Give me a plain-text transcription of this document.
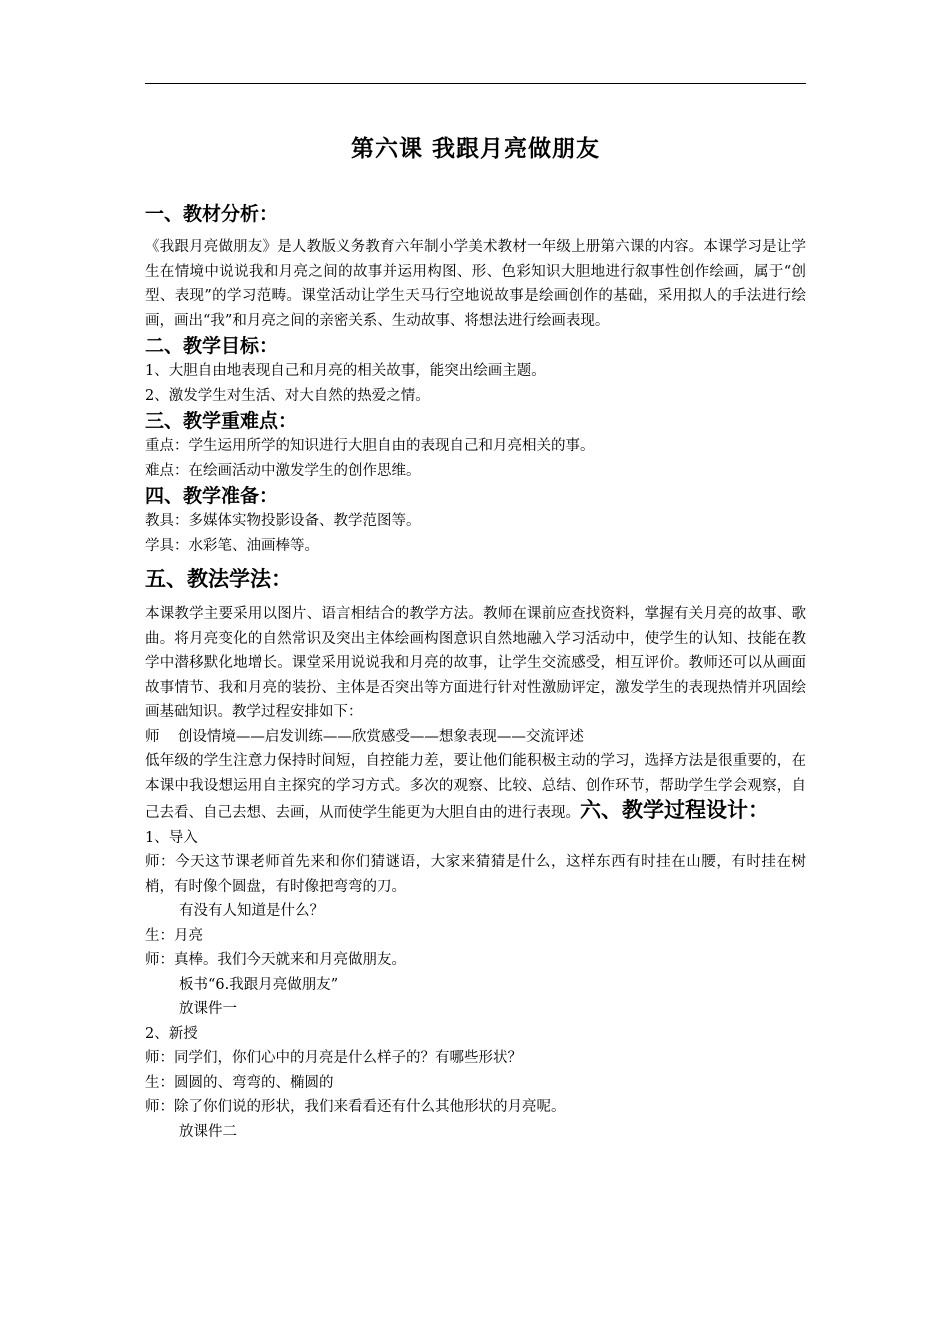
第六课 我跟月亮做朋友
一、教材分析：

《我跟月亮做朋友》是人教版义务教育六年制小学美术教材一年级上册第六课的内容。本课学习是让学生在情境中说说我和月亮之间的故事并运用构图、形、色彩知识大胆地进行叙事性创作绘画，属于“创型、表现”的学习范畴。课堂活动让学生天马行空地说故事是绘画创作的基础，采用拟人的手法进行绘画，画出“我”和月亮之间的亲密关系、生动故事、将想法进行绘画表现。

二、教学目标：

1、大胆自由地表现自己和月亮的相关故事，能突出绘画主题。

2、激发学生对生活、对大自然的热爱之情。

三、教学重难点：

重点：学生运用所学的知识进行大胆自由的表现自己和月亮相关的事。

难点：在绘画活动中激发学生的创作思维。

四、教学准备：

教具：多媒体实物投影设备、教学范图等。

学具：水彩笔、油画棒等。

五、教法学法：

本课教学主要采用以图片、语言相结合的教学方法。教师在课前应查找资料，掌握有关月亮的故事、歌曲。将月亮变化的自然常识及突出主体绘画构图意识自然地融入学习活动中，使学生的认知、技能在教学中潜移默化地增长。课堂采用说说我和月亮的故事，让学生交流感受，相互评价。教师还可以从画面故事情节、我和月亮的装扮、主体是否突出等方面进行针对性激励评定，激发学生的表现热情并巩固绘画基础知识。教学过程安排如下：

师    创设情境——启发训练——欣赏感受——想象表现——交流评述

低年级的学生注意力保持时间短，自控能力差，要让他们能积极主动的学习，选择方法是很重要的，在本课中我设想运用自主探究的学习方式。多次的观察、比较、总结、创作环节，帮助学生学会观察，自己去看、自己去想、去画，从而使学生能更为大胆自由的进行表现。六、教学过程设计：

1、导入

师：今天这节课老师首先来和你们猜谜语，大家来猜猜是什么，这样东西有时挂在山腰，有时挂在树梢，有时像个圆盘，有时像把弯弯的刀。

有没有人知道是什么？

生：月亮

师：真棒。我们今天就来和月亮做朋友。

板书“6.我跟月亮做朋友”

放课件一

2、新授

师：同学们，你们心中的月亮是什么样子的？有哪些形状？

生：圆圆的、弯弯的、椭圆的

师：除了你们说的形状，我们来看看还有什么其他形状的月亮呢。

放课件二
